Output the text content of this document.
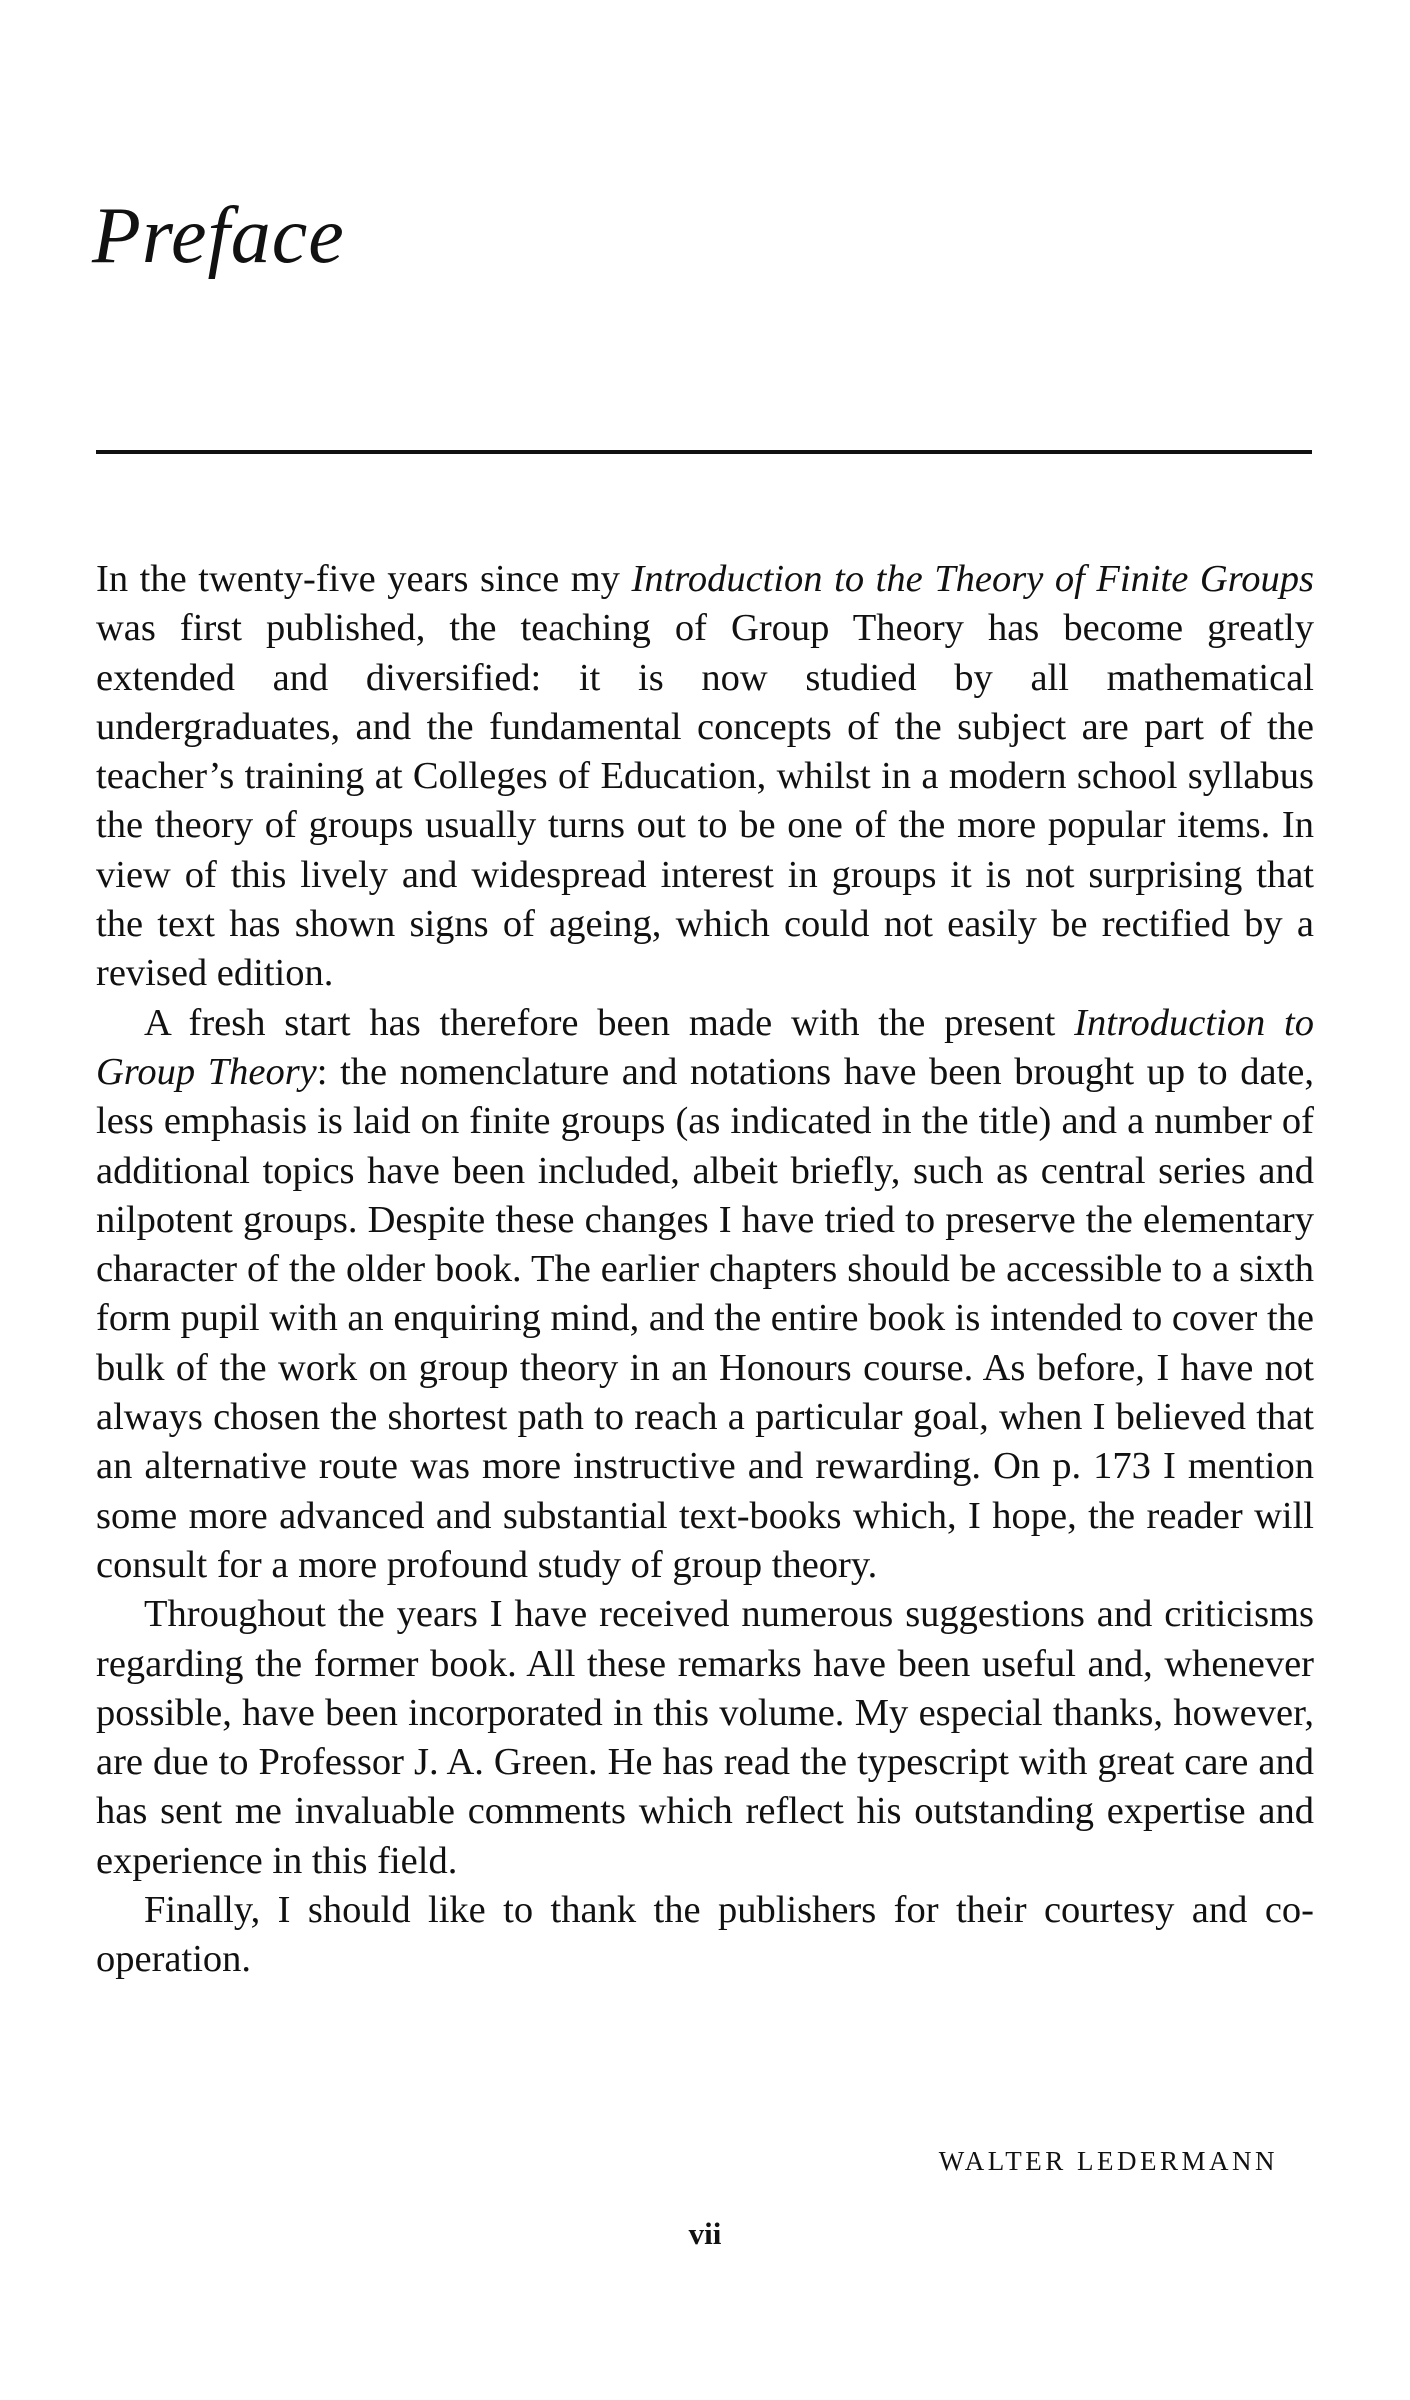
Preface

In the twenty-five years since my Introduction to the Theory of Finite Groups was first published, the teaching of Group Theory has become greatly extended and diversified: it is now studied by all mathematical undergraduates, and the fundamental concepts of the subject are part of the teacher’s training at Colleges of Education, whilst in a modern school syllabus the theory of groups usually turns out to be one of the more popular items. In view of this lively and widespread interest in groups it is not surprising that the text has shown signs of ageing, which could not easily be rectified by a revised edition.

A fresh start has therefore been made with the present Introduction to Group Theory: the nomenclature and notations have been brought up to date, less emphasis is laid on finite groups (as indicated in the title) and a number of additional topics have been included, albeit briefly, such as central series and nilpotent groups. Despite these changes I have tried to preserve the elementary character of the older book. The earlier chapters should be accessible to a sixth form pupil with an enquiring mind, and the entire book is intended to cover the bulk of the work on group theory in an Honours course. As before, I have not always chosen the shortest path to reach a particular goal, when I believed that an alternative route was more instructive and rewarding. On p. 173 I mention some more advanced and substantial text-books which, I hope, the reader will consult for a more profound study of group theory.

Throughout the years I have received numerous suggestions and criticisms regarding the former book. All these remarks have been useful and, whenever possible, have been incorporated in this volume. My especial thanks, however, are due to Professor J. A. Green. He has read the typescript with great care and has sent me invaluable comments which reflect his outstanding expertise and experience in this field.

Finally, I should like to thank the publishers for their courtesy and co-operation.

WALTER LEDERMANN
vii
